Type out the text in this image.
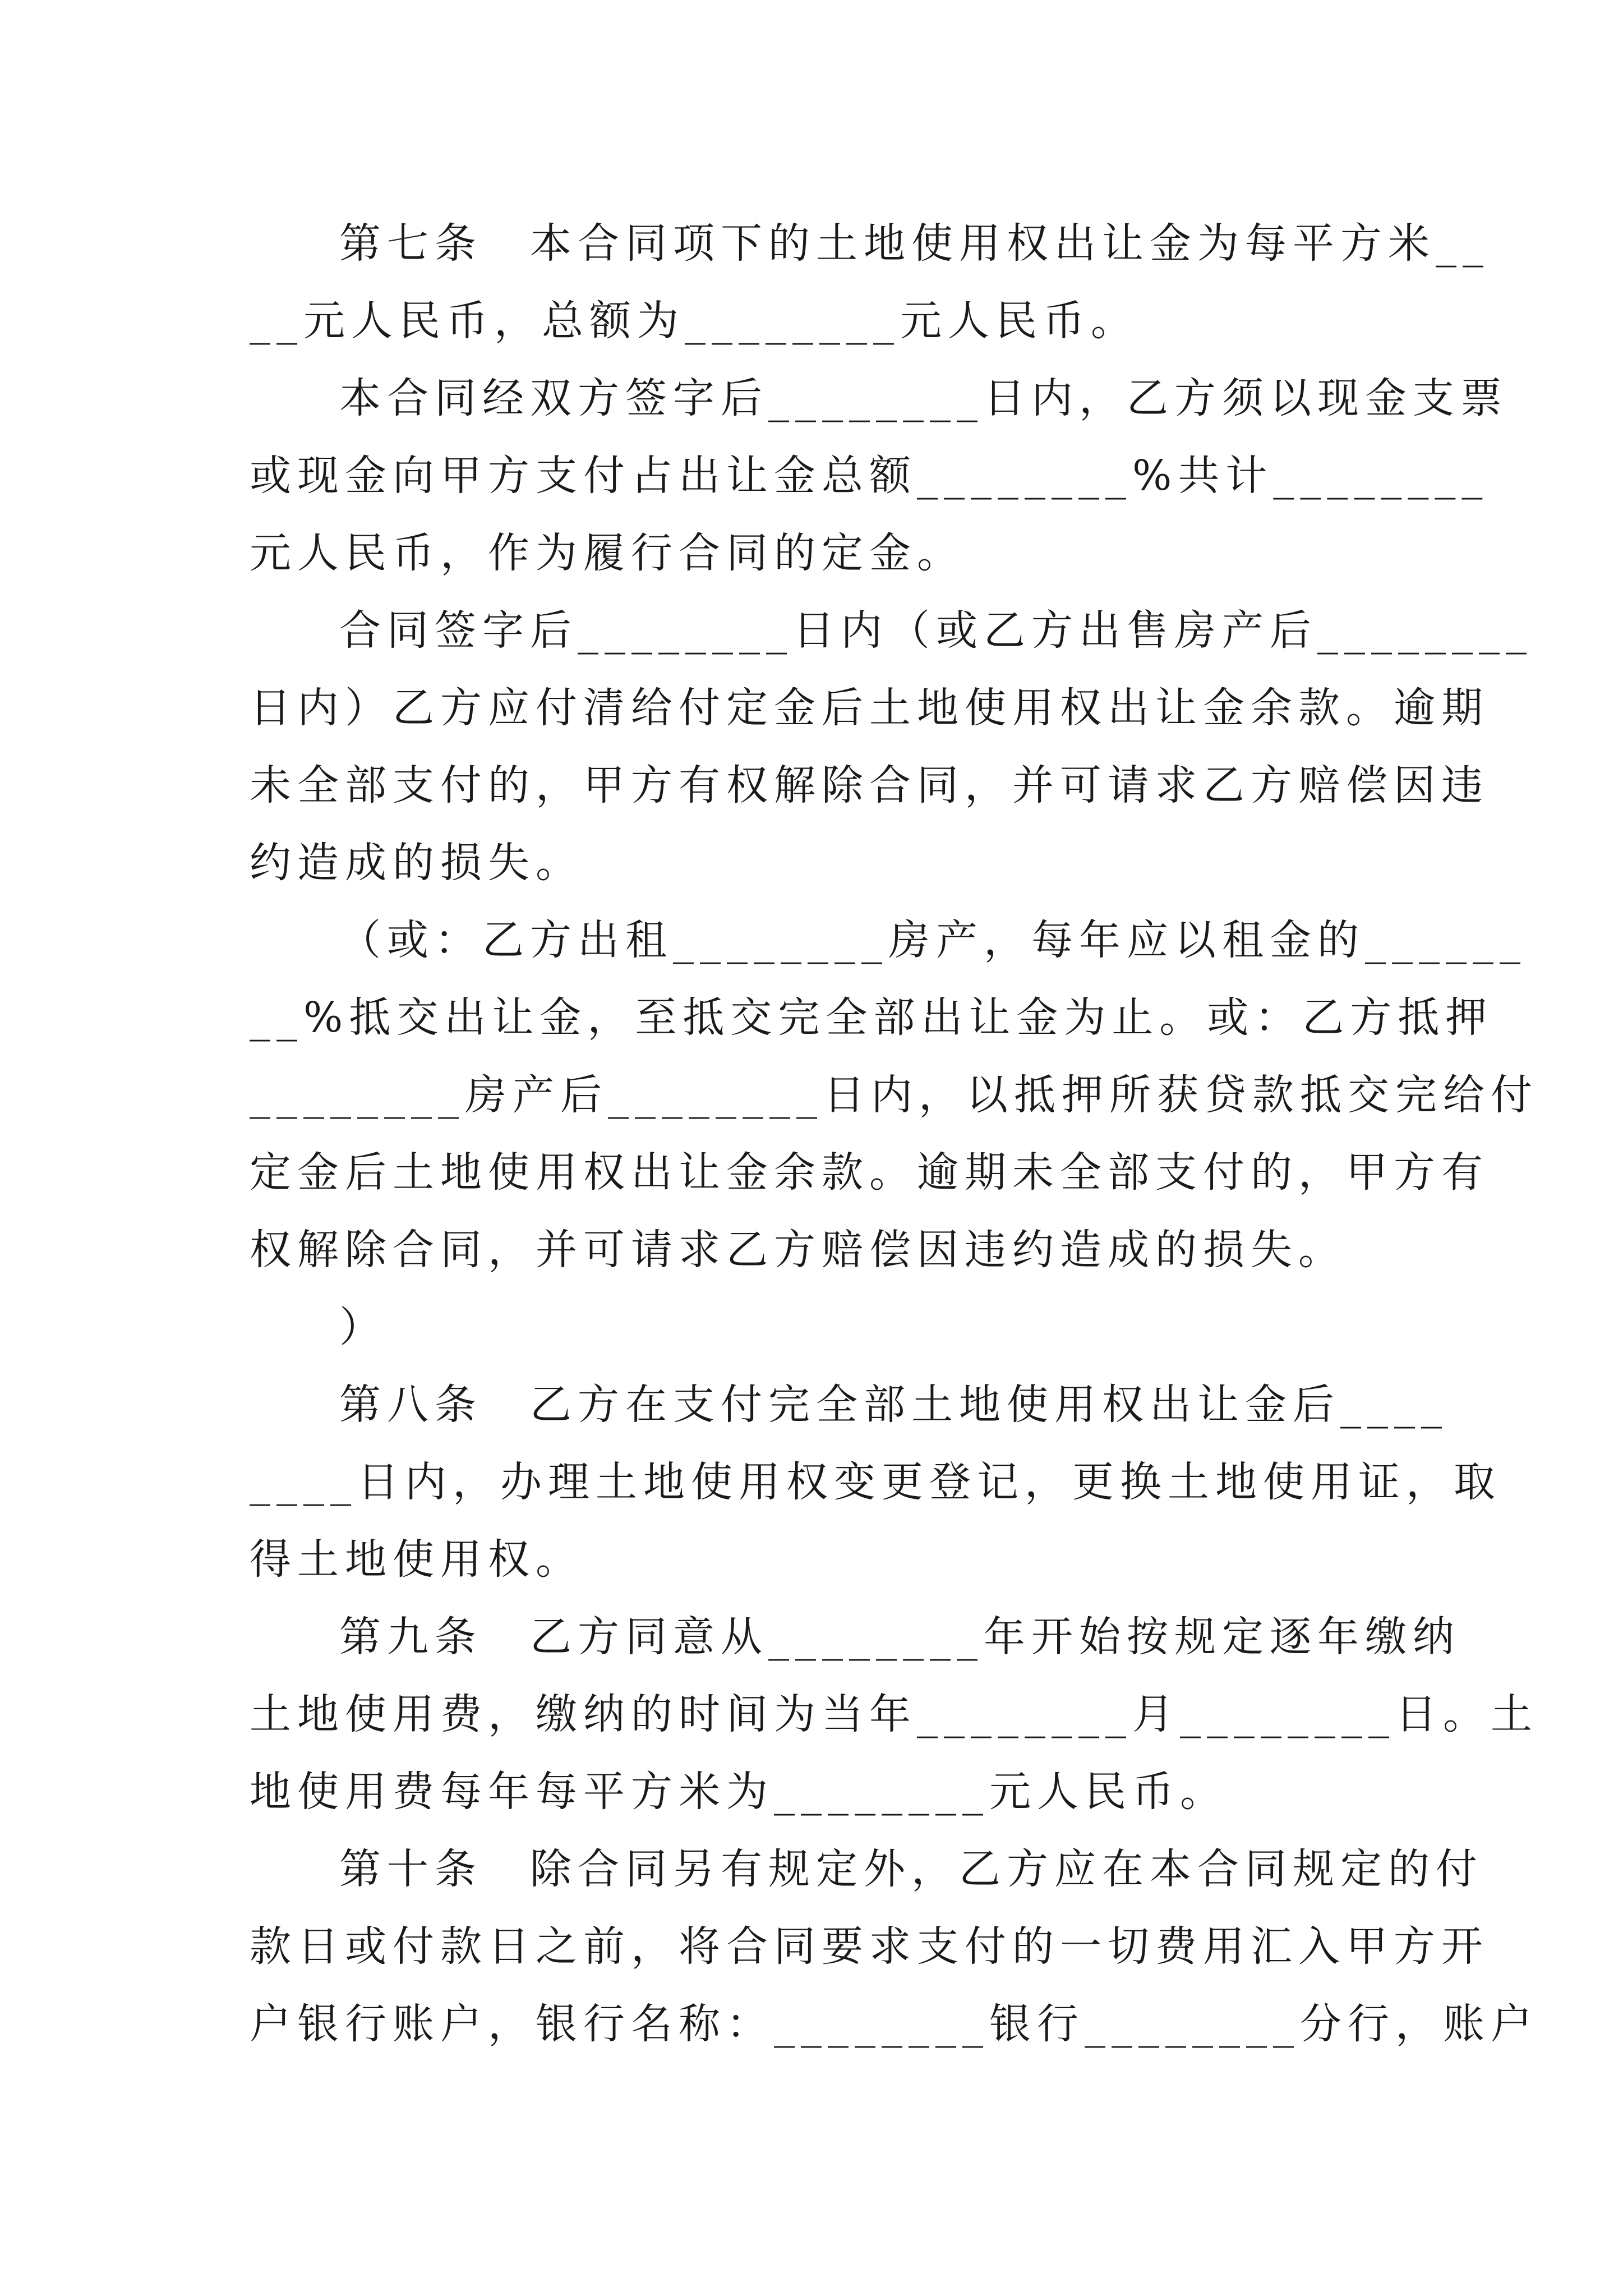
第七条　本合同项下的土地使用权出让金为每平方米__
__元人民币，总额为________元人民币。
本合同经双方签字后________日内，乙方须以现金支票
或现金向甲方支付占出让金总额________%共计________
元人民币，作为履行合同的定金。
合同签字后________日内（或乙方出售房产后________
日内）乙方应付清给付定金后土地使用权出让金余款。逾期
未全部支付的，甲方有权解除合同，并可请求乙方赔偿因违
约造成的损失。
（或：乙方出租________房产，每年应以租金的______
__%抵交出让金，至抵交完全部出让金为止。或：乙方抵押
________房产后________日内，以抵押所获贷款抵交完给付
定金后土地使用权出让金余款。逾期未全部支付的，甲方有
权解除合同，并可请求乙方赔偿因违约造成的损失。
）
第八条　乙方在支付完全部土地使用权出让金后____
____日内，办理土地使用权变更登记，更换土地使用证，取
得土地使用权。
第九条　乙方同意从________年开始按规定逐年缴纳
土地使用费，缴纳的时间为当年________月________日。土
地使用费每年每平方米为________元人民币。
第十条　除合同另有规定外，乙方应在本合同规定的付
款日或付款日之前，将合同要求支付的一切费用汇入甲方开
户银行账户，银行名称：________银行________分行，账户
